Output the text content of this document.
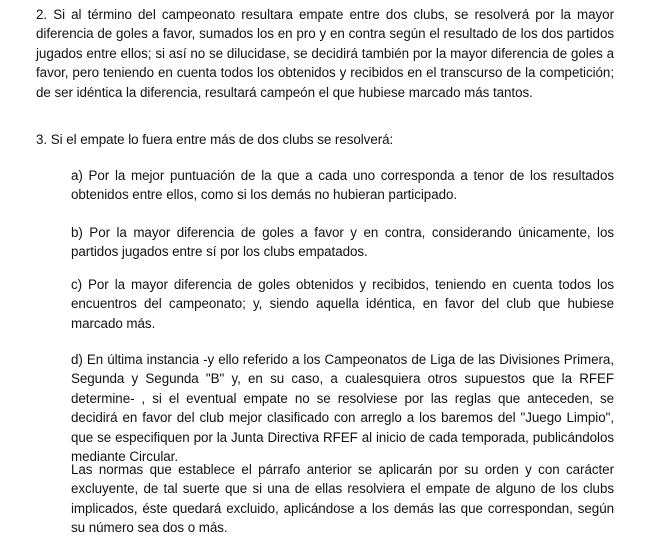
2. Si al término del campeonato resultara empate entre dos clubs, se resolverá por la mayor diferencia de goles a favor, sumados los en pro y en contra según el resultado de los dos partidos jugados entre ellos; si así no se dilucidase, se decidirá también por la mayor diferencia de goles a favor, pero teniendo en cuenta todos los obtenidos y recibidos en el transcurso de la competición; de ser idéntica la diferencia, resultará campeón el que hubiese marcado más tantos.

3. Si el empate lo fuera entre más de dos clubs se resolverá:

a) Por la mejor puntuación de la que a cada uno corresponda a tenor de los resultados obtenidos entre ellos, como si los demás no hubieran participado.

b) Por la mayor diferencia de goles a favor y en contra, considerando únicamente, los partidos jugados entre sí por los clubs empatados.

c) Por la mayor diferencia de goles obtenidos y recibidos, teniendo en cuenta todos los encuentros del campeonato; y, siendo aquella idéntica, en favor del club que hubiese marcado más.

d) En última instancia -y ello referido a los Campeonatos de Liga de las Divisiones Primera, Segunda y Segunda "B" y, en su caso, a cualesquiera otros supuestos que la RFEF determine- , si el eventual empate no se resolviese por las reglas que anteceden, se decidirá en favor del club mejor clasificado con arreglo a los baremos del "Juego Limpio", que se especifiquen por la Junta Directiva RFEF al inicio de cada temporada, publicándolos mediante Circular.

Las normas que establece el párrafo anterior se aplicarán por su orden y con carácter excluyente, de tal suerte que si una de ellas resolviera el empate de alguno de los clubs implicados, éste quedará excluido, aplicándose a los demás las que correspondan, según su número sea dos o más.
